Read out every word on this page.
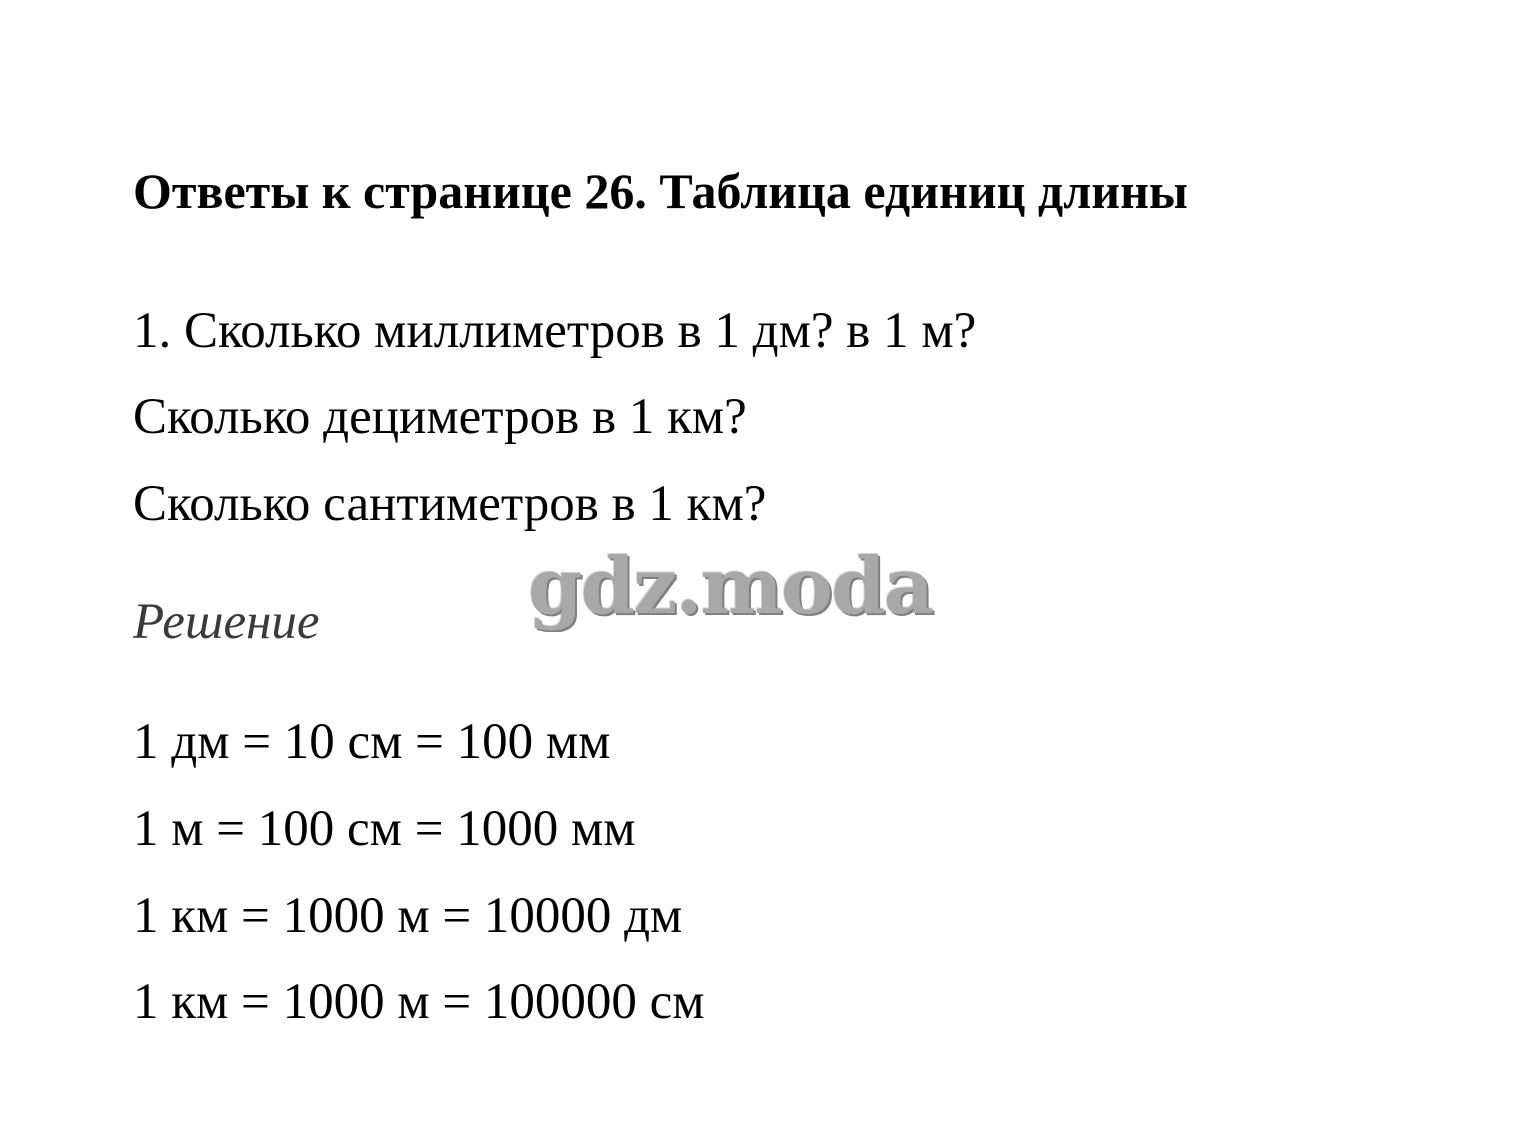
Ответы к странице 26. Таблица единиц длины
1. Сколько миллиметров в 1 дм? в 1 м?
Сколько дециметров в 1 км?
Сколько сантиметров в 1 км?
gdz.moda
Решение
1 дм = 10 см = 100 мм
1 м = 100 см = 1000 мм
1 км = 1000 м = 10000 дм
1 км = 1000 м = 100000 см
